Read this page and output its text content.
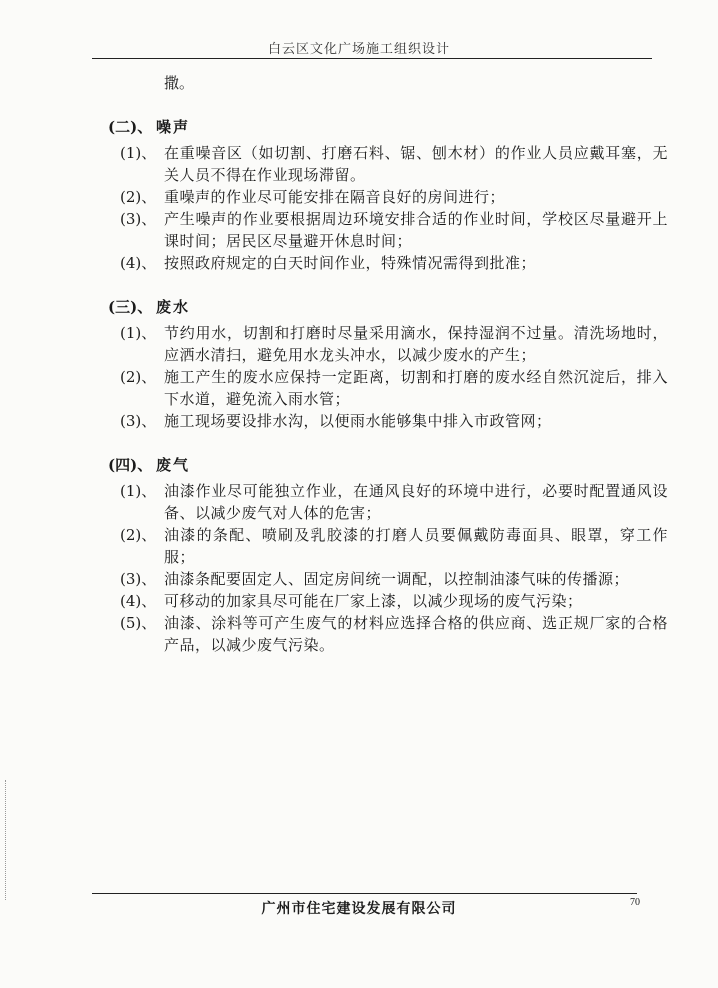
白云区文化广场施工组织设计
撒。
(二)、 噪声
(1)、 在重噪音区（如切割、打磨石料、锯、刨木材）的作业人员应戴耳塞，无关人员不得在作业现场滞留。
(2)、 重噪声的作业尽可能安排在隔音良好的房间进行；
(3)、 产生噪声的作业要根据周边环境安排合适的作业时间，学校区尽量避开上课时间；居民区尽量避开休息时间；
(4)、 按照政府规定的白天时间作业，特殊情况需得到批准；
(三)、 废水
(1)、 节约用水，切割和打磨时尽量采用滴水，保持湿润不过量。清洗场地时，应洒水清扫，避免用水龙头冲水，以减少废水的产生；
(2)、 施工产生的废水应保持一定距离，切割和打磨的废水经自然沉淀后，排入下水道，避免流入雨水管；
(3)、 施工现场要设排水沟，以便雨水能够集中排入市政管网；
(四)、 废气
(1)、 油漆作业尽可能独立作业，在通风良好的环境中进行，必要时配置通风设备、以减少废气对人体的危害；
(2)、 油漆的条配、喷刷及乳胶漆的打磨人员要佩戴防毒面具、眼罩，穿工作服；
(3)、 油漆条配要固定人、固定房间统一调配，以控制油漆气味的传播源；
(4)、 可移动的加家具尽可能在厂家上漆，以减少现场的废气污染；
(5)、 油漆、涂料等可产生废气的材料应选择合格的供应商、选正规厂家的合格产品，以减少废气污染。
广州市住宅建设发展有限公司	70
